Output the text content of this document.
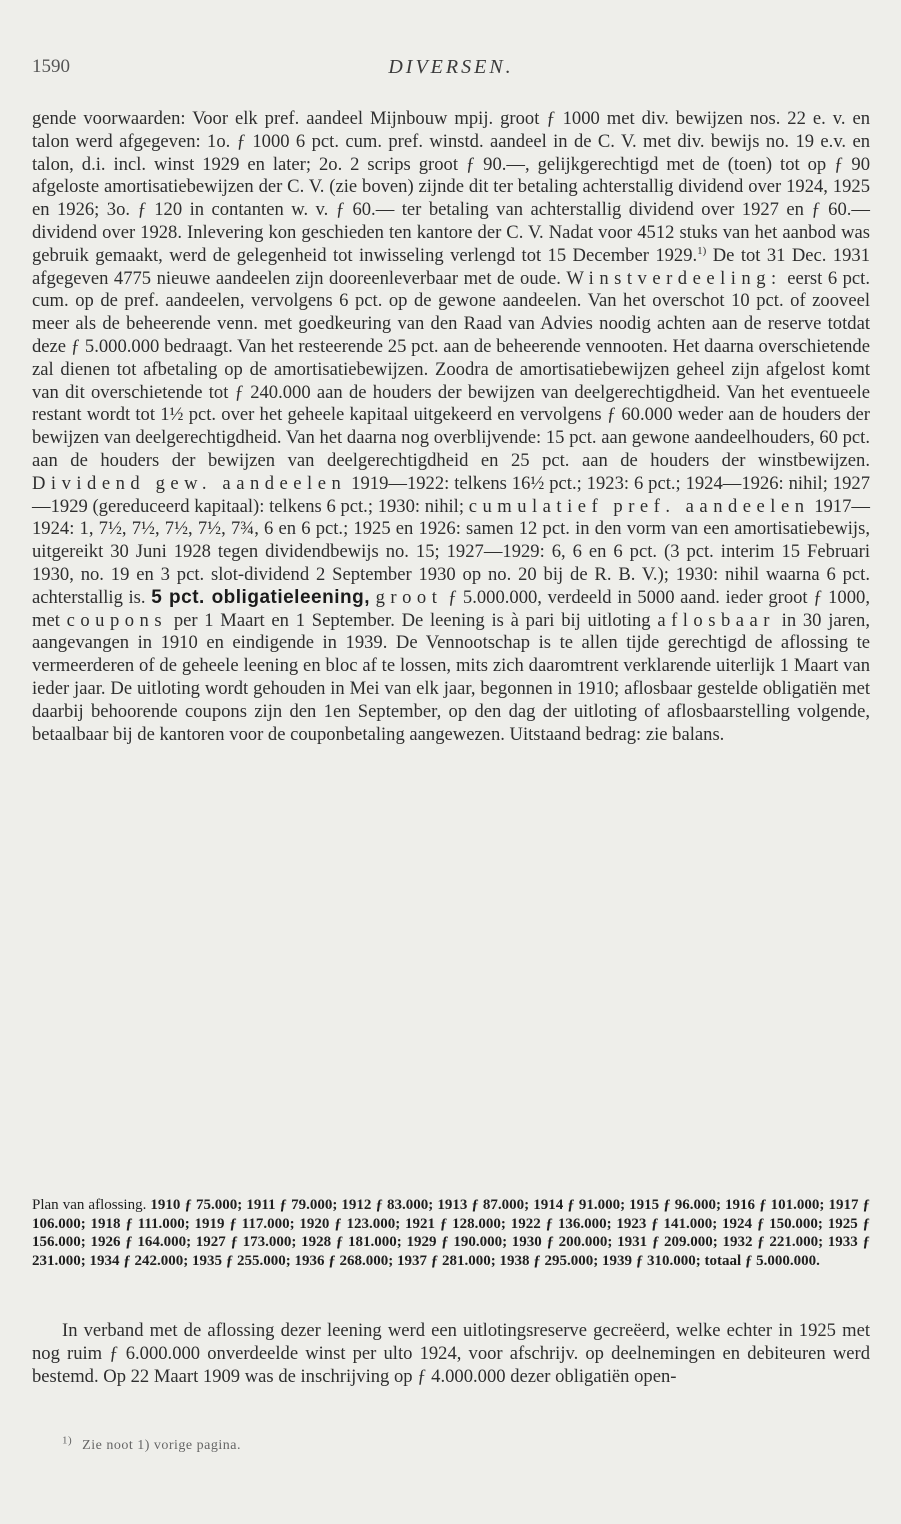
1590	DIVERSEN.
gende voorwaarden: Voor elk pref. aandeel Mijnbouw mpij. groot ƒ 1000 met div. bewijzen nos. 22 e. v. en talon werd afgegeven: 1o. ƒ 1000 6 pct. cum. pref. winstd. aandeel in de C. V. met div. bewijs no. 19 e.v. en talon, d.i. incl. winst 1929 en later; 2o. 2 scrips groot ƒ 90.—, gelijkgerechtigd met de (toen) tot op ƒ 90 afgeloste amortisatiebewijzen der C. V. (zie boven) zijnde dit ter betaling achterstallig dividend over 1924, 1925 en 1926; 3o. ƒ 120 in contanten w. v. ƒ 60.— ter betaling van achterstallig dividend over 1927 en ƒ 60.— dividend over 1928. Inlevering kon geschieden ten kantore der C. V. Nadat voor 4512 stuks van het aanbod was gebruik gemaakt, werd de gelegenheid tot inwisseling verlengd tot 15 December 1929.$^{1)}$ De tot 31 Dec. 1931 afgegeven 4775 nieuwe aandeelen zijn dooreenleverbaar met de oude. Winstverdeeling: eerst 6 pct. cum. op de pref. aandeelen, vervolgens 6 pct. op de gewone aandeelen. Van het overschot 10 pct. of zooveel meer als de beheerende venn. met goedkeuring van den Raad van Advies noodig achten aan de reserve totdat deze ƒ 5.000.000 bedraagt. Van het resteerende 25 pct. aan de beheerende vennooten. Het daarna overschietende zal dienen tot afbetaling op de amortisatiebewijzen. Zoodra de amortisatiebewijzen geheel zijn afgelost komt van dit overschietende tot ƒ 240.000 aan de houders der bewijzen van deelgerechtigdheid. Van het eventueele restant wordt tot 1½ pct. over het geheele kapitaal uitgekeerd en vervolgens ƒ 60.000 weder aan de houders der bewijzen van deelgerechtigdheid. Van het daarna nog overblijvende: 15 pct. aan gewone aandeelhouders, 60 pct. aan de houders der bewijzen van deelgerechtigdheid en 25 pct. aan de houders der winstbewijzen. Dividend gew. aandeelen 1919—1922: telkens 16½ pct.; 1923: 6 pct.; 1924—1926: nihil; 1927—1929 (gereduceerd kapitaal): telkens 6 pct.; 1930: nihil; cumulatief pref. aandeelen 1917—1924: 1, 7½, 7½, 7½, 7½, 7¾, 6 en 6 pct.; 1925 en 1926: samen 12 pct. in den vorm van een amortisatiebewijs, uitgereikt 30 Juni 1928 tegen dividendbewijs no. 15; 1927—1929: 6, 6 en 6 pct. (3 pct. interim 15 Februari 1930, no. 19 en 3 pct. slot-dividend 2 September 1930 op no. 20 bij de R. B. V.); 1930: nihil waarna 6 pct. achterstallig is. 5 pct. obligatieleening, groot ƒ 5.000.000, verdeeld in 5000 aand. ieder groot ƒ 1000, met coupons per 1 Maart en 1 September. De leening is à pari bij uitloting aflosbaar in 30 jaren, aangevangen in 1910 en eindigende in 1939. De Vennootschap is te allen tijde gerechtigd de aflossing te vermeerderen of de geheele leening en bloc af te lossen, mits zich daaromtrent verklarende uiterlijk 1 Maart van ieder jaar. De uitloting wordt gehouden in Mei van elk jaar, begonnen in 1910; aflosbaar gestelde obligatiën met daarbij behoorende coupons zijn den 1en September, op den dag der uitloting of aflosbaarstelling volgende, betaalbaar bij de kantoren voor de couponbetaling aangewezen. Uitstaand bedrag: zie balans.
Plan van aflossing. 1910 ƒ 75.000; 1911 ƒ 79.000; 1912 ƒ 83.000; 1913 ƒ 87.000; 1914 ƒ 91.000; 1915 ƒ 96.000; 1916 ƒ 101.000; 1917 ƒ 106.000; 1918 ƒ 111.000; 1919 ƒ 117.000; 1920 ƒ 123.000; 1921 ƒ 128.000; 1922 ƒ 136.000; 1923 ƒ 141.000; 1924 ƒ 150.000; 1925 ƒ 156.000; 1926 ƒ 164.000; 1927 ƒ 173.000; 1928 ƒ 181.000; 1929 ƒ 190.000; 1930 ƒ 200.000; 1931 ƒ 209.000; 1932 ƒ 221.000; 1933 ƒ 231.000; 1934 ƒ 242.000; 1935 ƒ 255.000; 1936 ƒ 268.000; 1937 ƒ 281.000; 1938 ƒ 295.000; 1939 ƒ 310.000; totaal ƒ 5.000.000.
In verband met de aflossing dezer leening werd een uitlotingsreserve gecreëerd, welke echter in 1925 met nog ruim ƒ 6.000.000 onverdeelde winst per ulto 1924, voor afschrijv. op deelnemingen en debiteuren werd bestemd. Op 22 Maart 1909 was de inschrijving op ƒ 4.000.000 dezer obligatiën open-
$^{1)}$ Zie noot 1) vorige pagina.
